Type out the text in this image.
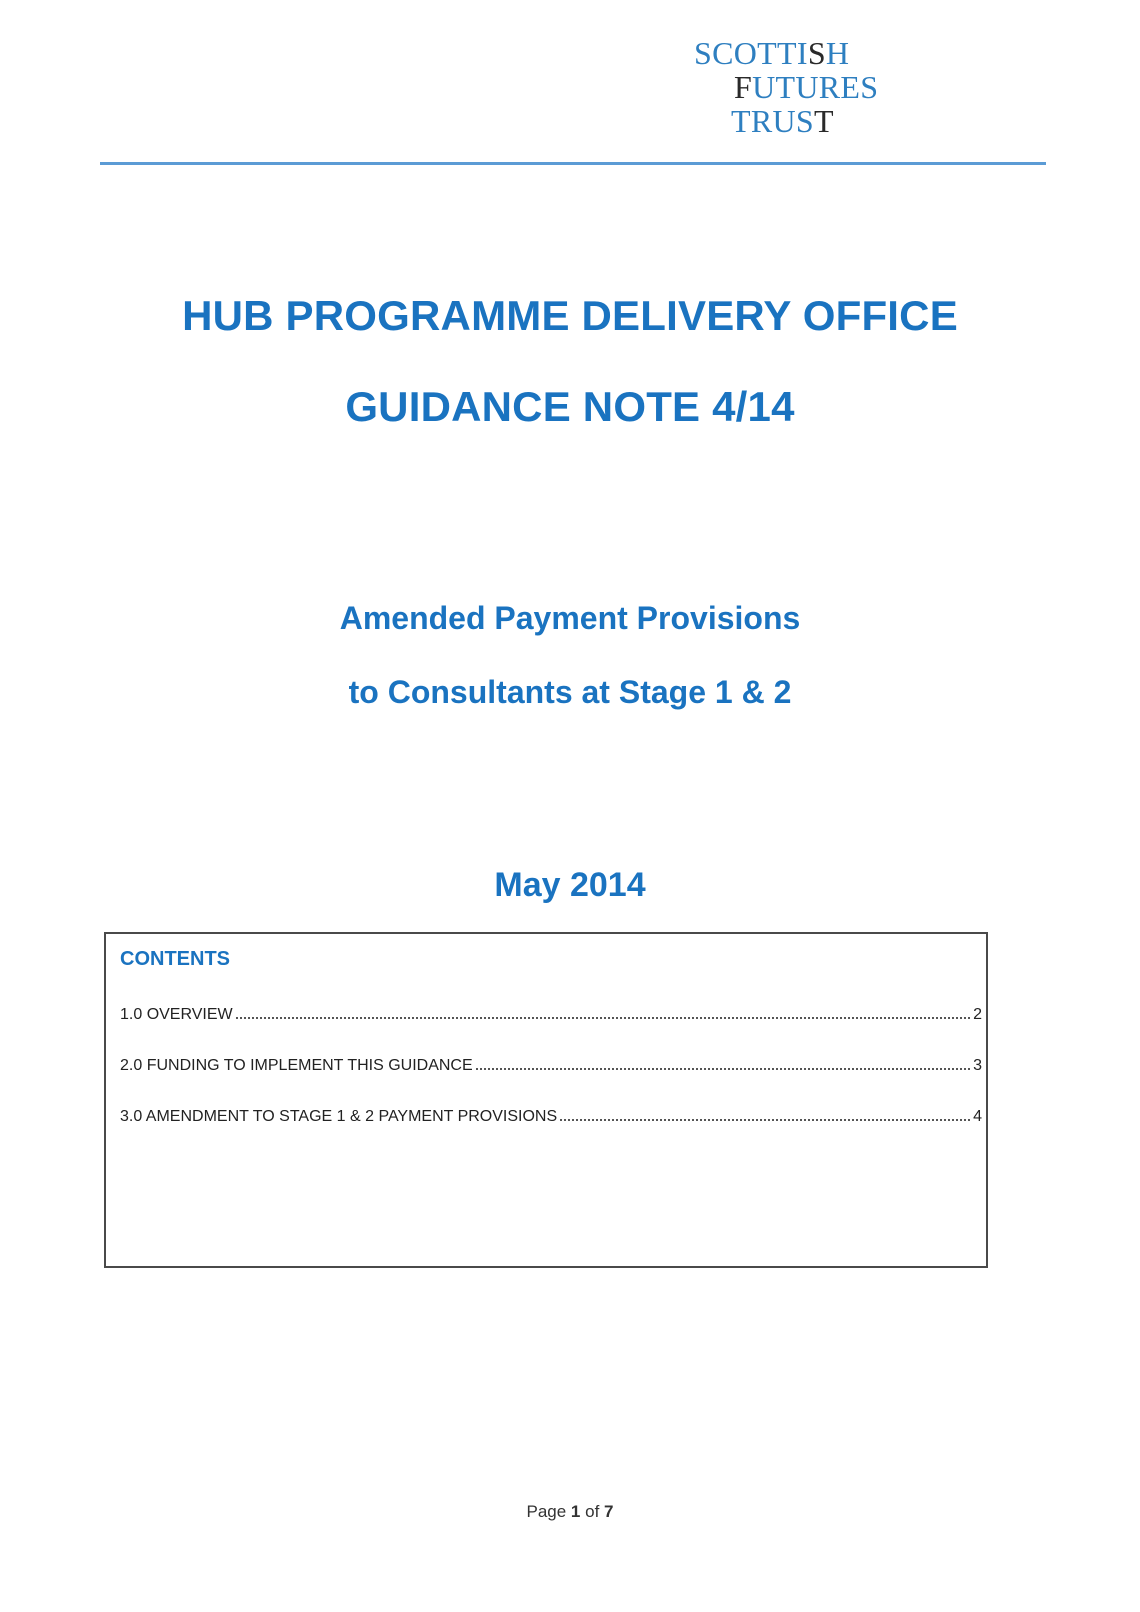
SCOTTISH
FUTURES
TRUST
HUB PROGRAMME DELIVERY OFFICE
GUIDANCE NOTE 4/14
Amended Payment Provisions
to Consultants at Stage 1 & 2
May 2014
CONTENTS
1.0 OVERVIEW	2
2.0 FUNDING TO IMPLEMENT THIS GUIDANCE	3
3.0 AMENDMENT TO STAGE 1 & 2 PAYMENT PROVISIONS	4
Page 1 of 7
